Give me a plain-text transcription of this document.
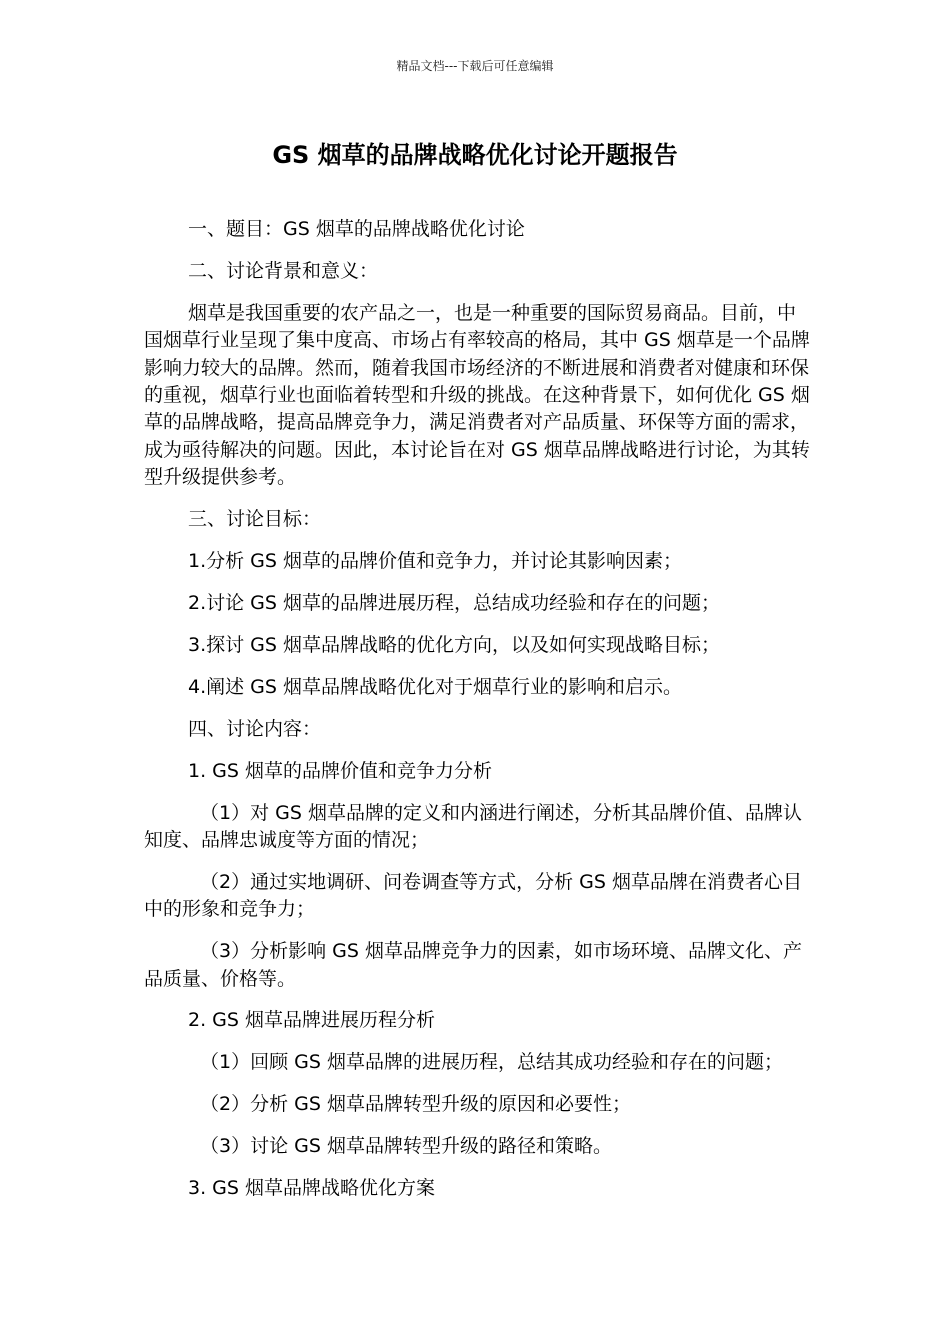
精品文档---下载后可任意编辑
GS 烟草的品牌战略优化讨论开题报告

一、题目：GS 烟草的品牌战略优化讨论

二、讨论背景和意义：

烟草是我国重要的农产品之一，也是一种重要的国际贸易商品。目前，中国烟草行业呈现了集中度高、市场占有率较高的格局，其中 GS 烟草是一个品牌影响力较大的品牌。然而，随着我国市场经济的不断进展和消费者对健康和环保的重视，烟草行业也面临着转型和升级的挑战。在这种背景下，如何优化 GS 烟草的品牌战略，提高品牌竞争力，满足消费者对产品质量、环保等方面的需求，成为亟待解决的问题。因此，本讨论旨在对 GS 烟草品牌战略进行讨论，为其转型升级提供参考。

三、讨论目标：

1.分析 GS 烟草的品牌价值和竞争力，并讨论其影响因素；

2.讨论 GS 烟草的品牌进展历程，总结成功经验和存在的问题；

3.探讨 GS 烟草品牌战略的优化方向，以及如何实现战略目标；

4.阐述 GS 烟草品牌战略优化对于烟草行业的影响和启示。

四、讨论内容：

1. GS 烟草的品牌价值和竞争力分析

（1）对 GS 烟草品牌的定义和内涵进行阐述，分析其品牌价值、品牌认知度、品牌忠诚度等方面的情况；

（2）通过实地调研、问卷调查等方式，分析 GS 烟草品牌在消费者心目中的形象和竞争力；

（3）分析影响 GS 烟草品牌竞争力的因素，如市场环境、品牌文化、产品质量、价格等。

2. GS 烟草品牌进展历程分析

（1）回顾 GS 烟草品牌的进展历程，总结其成功经验和存在的问题；

（2）分析 GS 烟草品牌转型升级的原因和必要性；

（3）讨论 GS 烟草品牌转型升级的路径和策略。

3. GS 烟草品牌战略优化方案
